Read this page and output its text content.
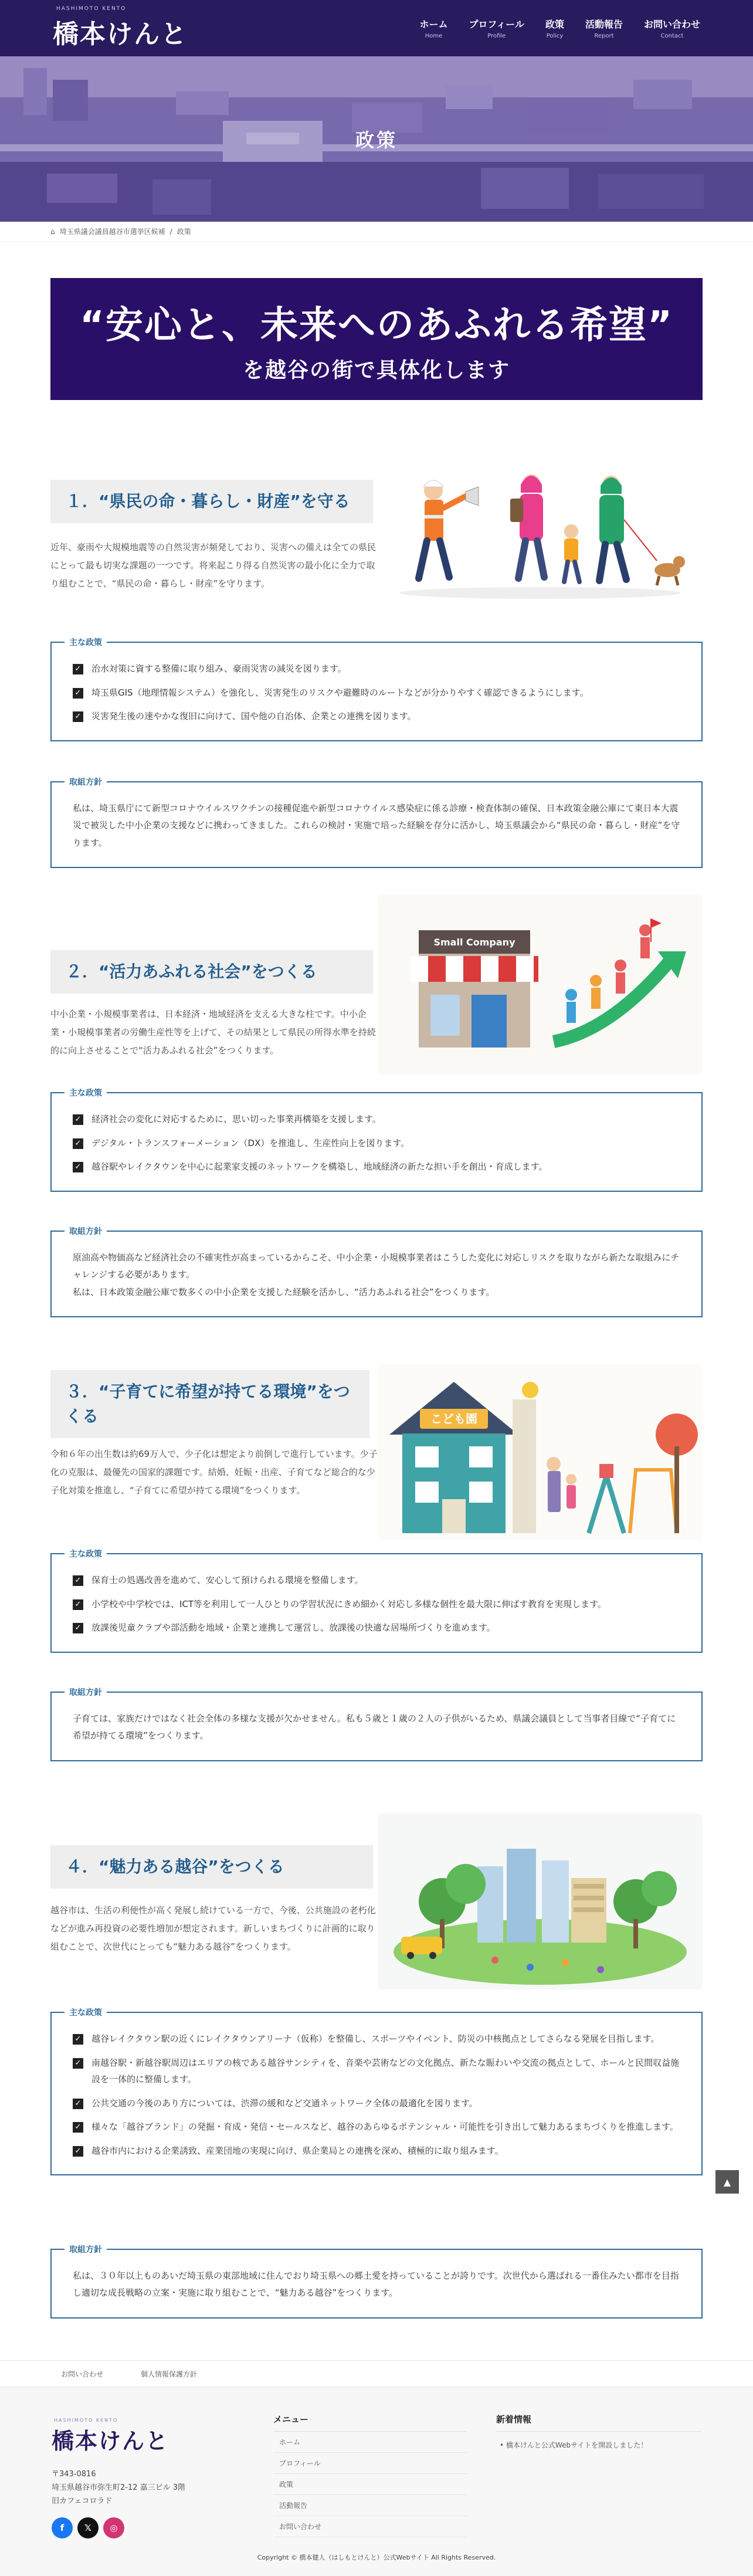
HASHIMOTO KENTO
橋本けんと	ホーム
Home
プロフィール
Profile
政策
Policy
活動報告
Report
お問い合わせ
Contact
政策
⌂ 埼玉県議会議員越谷市選挙区候補 / 政策
“安心と、未来へのあふれる希望”
を越谷の街で具体化します
１．“県民の命・暮らし・財産”を守る

近年、豪雨や大規模地震等の自然災害が頻発しており、災害への備えは全ての県民にとって最も切実な課題の一つです。将来起こり得る自然災害の最小化に全力で取り組むことで、“県民の命・暮らし・財産”を守ります。

主な政策
✓ 治水対策に資する整備に取り組み、豪雨災害の減災を図ります。
✓ 埼玉県GIS（地理情報システム）を強化し、災害発生のリスクや避難時のルートなどが分かりやすく確認できるようにします。
✓ 災害発生後の速やかな復旧に向けて、国や他の自治体、企業との連携を図ります。
取組方針

私は、埼玉県庁にて新型コロナウイルスワクチンの接種促進や新型コロナウイルス感染症に係る診療・検査体制の確保、日本政策金融公庫にて東日本大震災で被災した中小企業の支援などに携わってきました。これらの検討・実施で培った経験を存分に活かし、埼玉県議会から“県民の命・暮らし・財産”を守ります。

２．“活力あふれる社会”をつくる

中小企業・小規模事業者は、日本経済・地域経済を支える大きな柱です。中小企業・小規模事業者の労働生産性等を上げて、その結果として県民の所得水準を持続的に向上させることで“活力あふれる社会”をつくります。

Small Company
主な政策
✓ 経済社会の変化に対応するために、思い切った事業再構築を支援します。
✓ デジタル・トランスフォーメーション（DX）を推進し、生産性向上を図ります。
✓ 越谷駅やレイクタウンを中心に起業家支援のネットワークを構築し、地域経済の新たな担い手を創出・育成します。
取組方針

原油高や物価高など経済社会の不確実性が高まっているからこそ、中小企業・小規模事業者はこうした変化に対応しリスクを取りながら新たな取組みにチャレンジする必要があります。
私は、日本政策金融公庫で数多くの中小企業を支援した経験を活かし、“活力あふれる社会”をつくります。

３．“子育てに希望が持てる環境”をつくる

令和６年の出生数は約69万人で、少子化は想定より前倒しで進行しています。少子化の克服は、最優先の国家的課題です。結婚、妊娠・出産、子育てなど総合的な少子化対策を推進し、“子育てに希望が持てる環境”をつくります。

こども園
主な政策
✓ 保育士の処遇改善を進めて、安心して預けられる環境を整備します。
✓ 小学校や中学校では、ICT等を利用して一人ひとりの学習状況にきめ細かく対応し多様な個性を最大限に伸ばす教育を実現します。
✓ 放課後児童クラブや部活動を地域・企業と連携して運営し、放課後の快適な居場所づくりを進めます。
取組方針

子育ては、家族だけではなく社会全体の多様な支援が欠かせません。私も５歳と１歳の２人の子供がいるため、県議会議員として当事者目線で“子育てに希望が持てる環境”をつくります。

４．“魅力ある越谷”をつくる

越谷市は、生活の利便性が高く発展し続けている一方で、今後、公共施設の老朽化などが進み再投資の必要性増加が想定されます。新しいまちづくりに計画的に取り組むことで、次世代にとっても“魅力ある越谷”をつくります。

主な政策
✓ 越谷レイクタウン駅の近くにレイクタウンアリーナ（仮称）を整備し、スポーツやイベント、防災の中核拠点としてさらなる発展を目指します。
✓ 南越谷駅・新越谷駅周辺はエリアの核である越谷サンシティを、音楽や芸術などの文化拠点、新たな賑わいや交流の拠点として、ホールと民間収益施設を一体的に整備します。
✓ 公共交通の今後のあり方については、渋滞の緩和など交通ネットワーク全体の最適化を図ります。
✓ 様々な「越谷ブランド」の発掘・育成・発信・セールスなど、越谷のあらゆるポテンシャル・可能性を引き出して魅力あるまちづくりを推進します。
✓ 越谷市内における企業誘致、産業団地の実現に向け、県企業局との連携を深め、積極的に取り組みます。
取組方針

私は、３０年以上ものあいだ埼玉県の東部地域に住んでおり埼玉県への郷土愛を持っていることが誇りです。次世代から選ばれる一番住みたい都市を目指し適切な成長戦略の立案・実施に取り組むことで、“魅力ある越谷”をつくります。

▲
お問い合わせ	個人情報保護方針
HASHIMOTO KENTO
橋本けんと
〒343-0816
埼玉県越谷市弥生町2-12 嘉三ビル 3階
旧カフェコロラド
f	𝕏	◎
メニュー
ホーム
プロフィール
政策
活動報告
お問い合わせ
新着情報
• 橋本けんと公式Webサイトを開設しました！
Copyright © 橋本健人（はしもとけんと）公式Webサイト All Rights Reserved.
